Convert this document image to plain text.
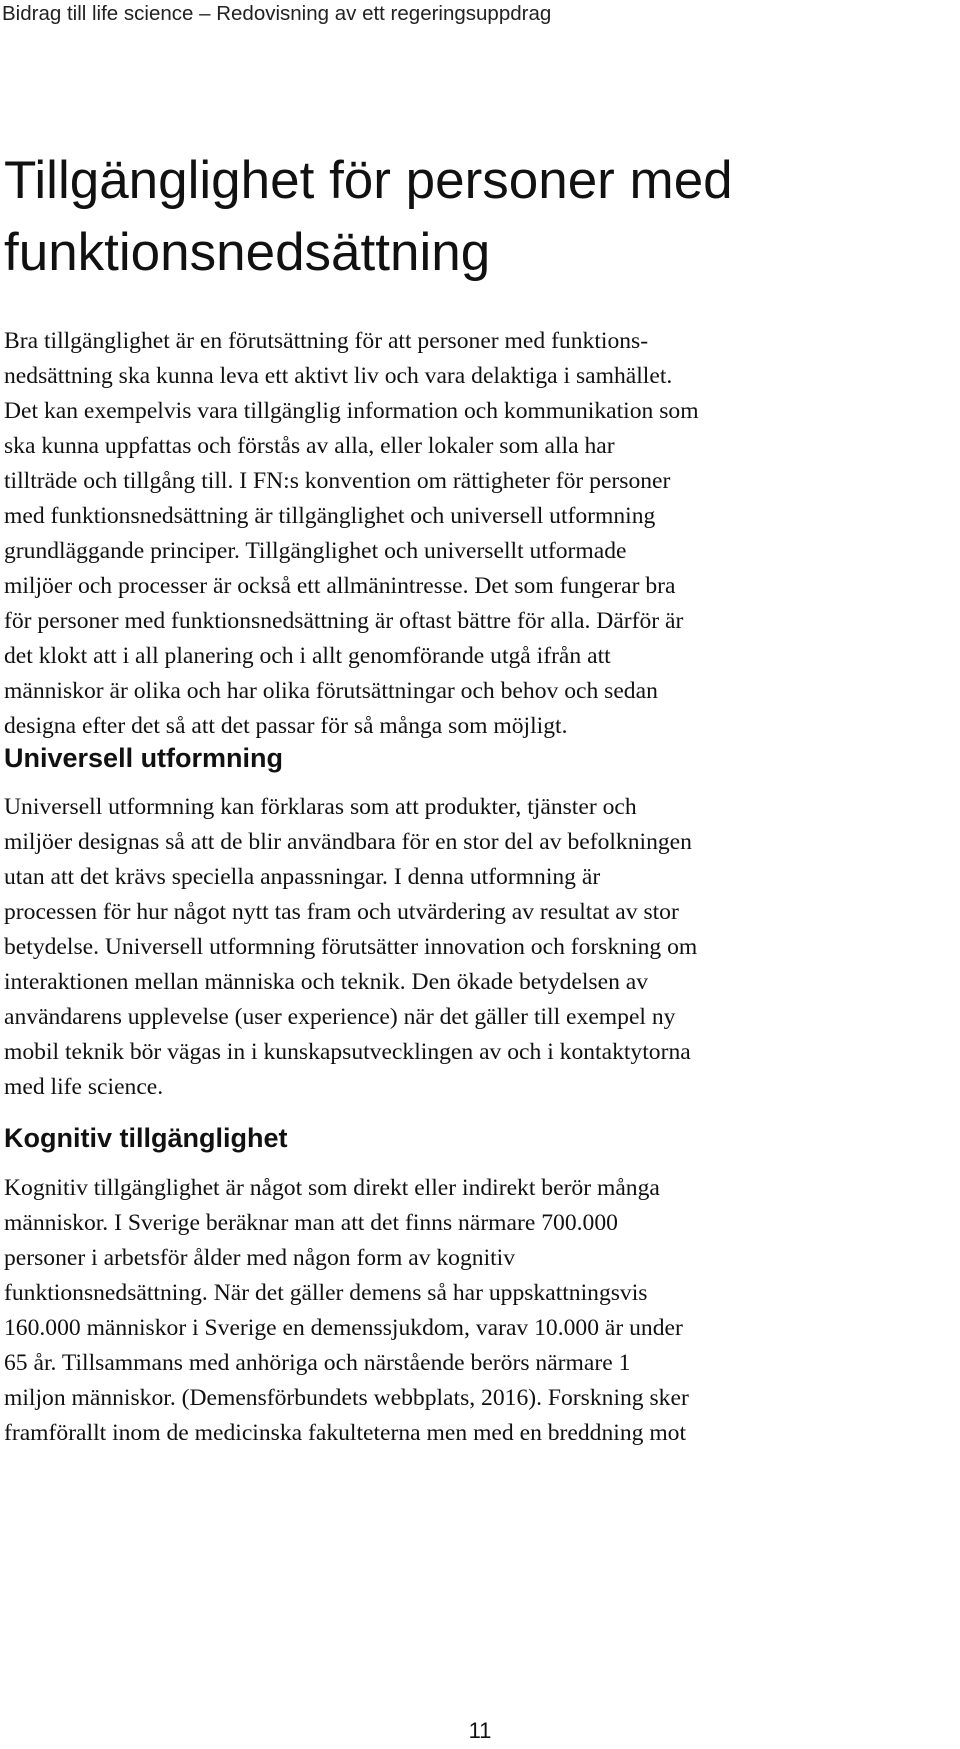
Bidrag till life science – Redovisning av ett regeringsuppdrag
Tillgänglighet för personer med
funktionsnedsättning

Bra tillgänglighet är en förutsättning för att personer med funktions-
nedsättning ska kunna leva ett aktivt liv och vara delaktiga i samhället.
Det kan exempelvis vara tillgänglig information och kommunikation som
ska kunna uppfattas och förstås av alla, eller lokaler som alla har
tillträde och tillgång till. I FN:s konvention om rättigheter för personer
med funktionsnedsättning är tillgänglighet och universell utformning
grundläggande principer. Tillgänglighet och universellt utformade
miljöer och processer är också ett allmänintresse. Det som fungerar bra
för personer med funktionsnedsättning är oftast bättre för alla. Därför är
det klokt att i all planering och i allt genomförande utgå ifrån att
människor är olika och har olika förutsättningar och behov och sedan
designa efter det så att det passar för så många som möjligt.

Universell utformning

Universell utformning kan förklaras som att produkter, tjänster och
miljöer designas så att de blir användbara för en stor del av befolkningen
utan att det krävs speciella anpassningar. I denna utformning är
processen för hur något nytt tas fram och utvärdering av resultat av stor
betydelse. Universell utformning förutsätter innovation och forskning om
interaktionen mellan människa och teknik. Den ökade betydelsen av
användarens upplevelse (user experience) när det gäller till exempel ny
mobil teknik bör vägas in i kunskapsutvecklingen av och i kontaktytorna
med life science.

Kognitiv tillgänglighet

Kognitiv tillgänglighet är något som direkt eller indirekt berör många
människor. I Sverige beräknar man att det finns närmare 700.000
personer i arbetsför ålder med någon form av kognitiv
funktionsnedsättning. När det gäller demens så har uppskattningsvis
160.000 människor i Sverige en demenssjukdom, varav 10.000 är under
65 år. Tillsammans med anhöriga och närstående berörs närmare 1
miljon människor. (Demensförbundets webbplats, 2016). Forskning sker
framförallt inom de medicinska fakulteterna men med en breddning mot

11
